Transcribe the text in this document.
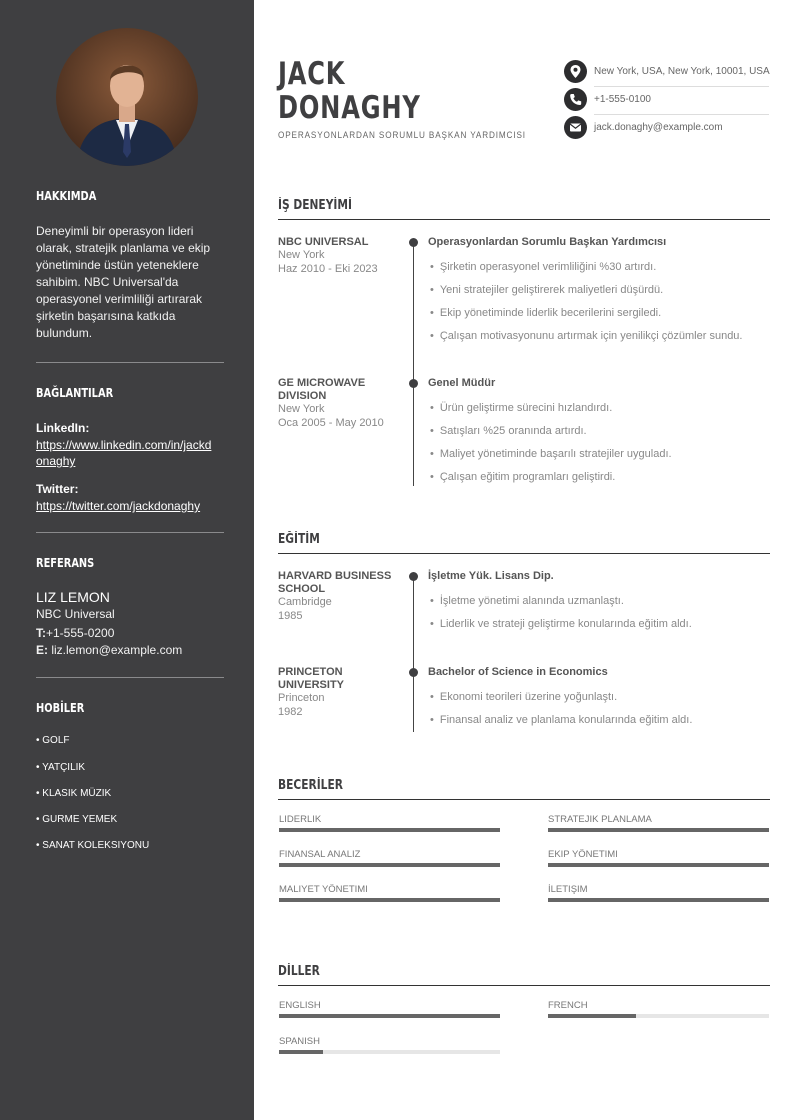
HAKKIMDA
Deneyimli bir operasyon lideri olarak, stratejik planlama ve ekip yönetiminde üstün yeteneklere sahibim. NBC Universal'da operasyonel verimliliği artırarak şirketin başarısına katkıda bulundum.
BAĞLANTILAR
LinkedIn:
https://www.linkedin.com/in/jackdonaghy
Twitter:
https://twitter.com/jackdonaghy
REFERANS
LIZ LEMON
NBC Universal
T:+1-555-0200
E: liz.lemon@example.com
HOBİLER
• GOLF
• YATÇILIK
• KLASIK MÜZIK
• GURME YEMEK
• SANAT KOLEKSIYONU
JACK
DONAGHY
OPERASYONLARDAN SORUMLU BAŞKAN YARDIMCISI
New York, USA, New York, 10001, USA
+1-555-0100
jack.donaghy@example.com
İŞ DENEYİMİ
NBC UNIVERSAL
New York
Haz 2010 - Eki 2023
Operasyonlardan Sorumlu Başkan Yardımcısı
• Şirketin operasyonel verimliliğini %30 artırdı.
• Yeni stratejiler geliştirerek maliyetleri düşürdü.
• Ekip yönetiminde liderlik becerilerini sergiledi.
• Çalışan motivasyonunu artırmak için yenilikçi çözümler sundu.
GE MICROWAVE DIVISION
New York
Oca 2005 - May 2010
Genel Müdür
• Ürün geliştirme sürecini hızlandırdı.
• Satışları %25 oranında artırdı.
• Maliyet yönetiminde başarılı stratejiler uyguladı.
• Çalışan eğitim programları geliştirdi.
EĞİTİM
HARVARD BUSINESS SCHOOL
Cambridge
1985
İşletme Yük. Lisans Dip.
• İşletme yönetimi alanında uzmanlaştı.
• Liderlik ve strateji geliştirme konularında eğitim aldı.
PRINCETON UNIVERSITY
Princeton
1982
Bachelor of Science in Economics
• Ekonomi teorileri üzerine yoğunlaştı.
• Finansal analiz ve planlama konularında eğitim aldı.
BECERİLER
LIDERLIK	STRATEJIK PLANLAMA
FINANSAL ANALIZ	EKIP YÖNETIMI
MALIYET YÖNETIMI	İLETIŞIM
DİLLER
ENGLISH	FRENCH
SPANISH
